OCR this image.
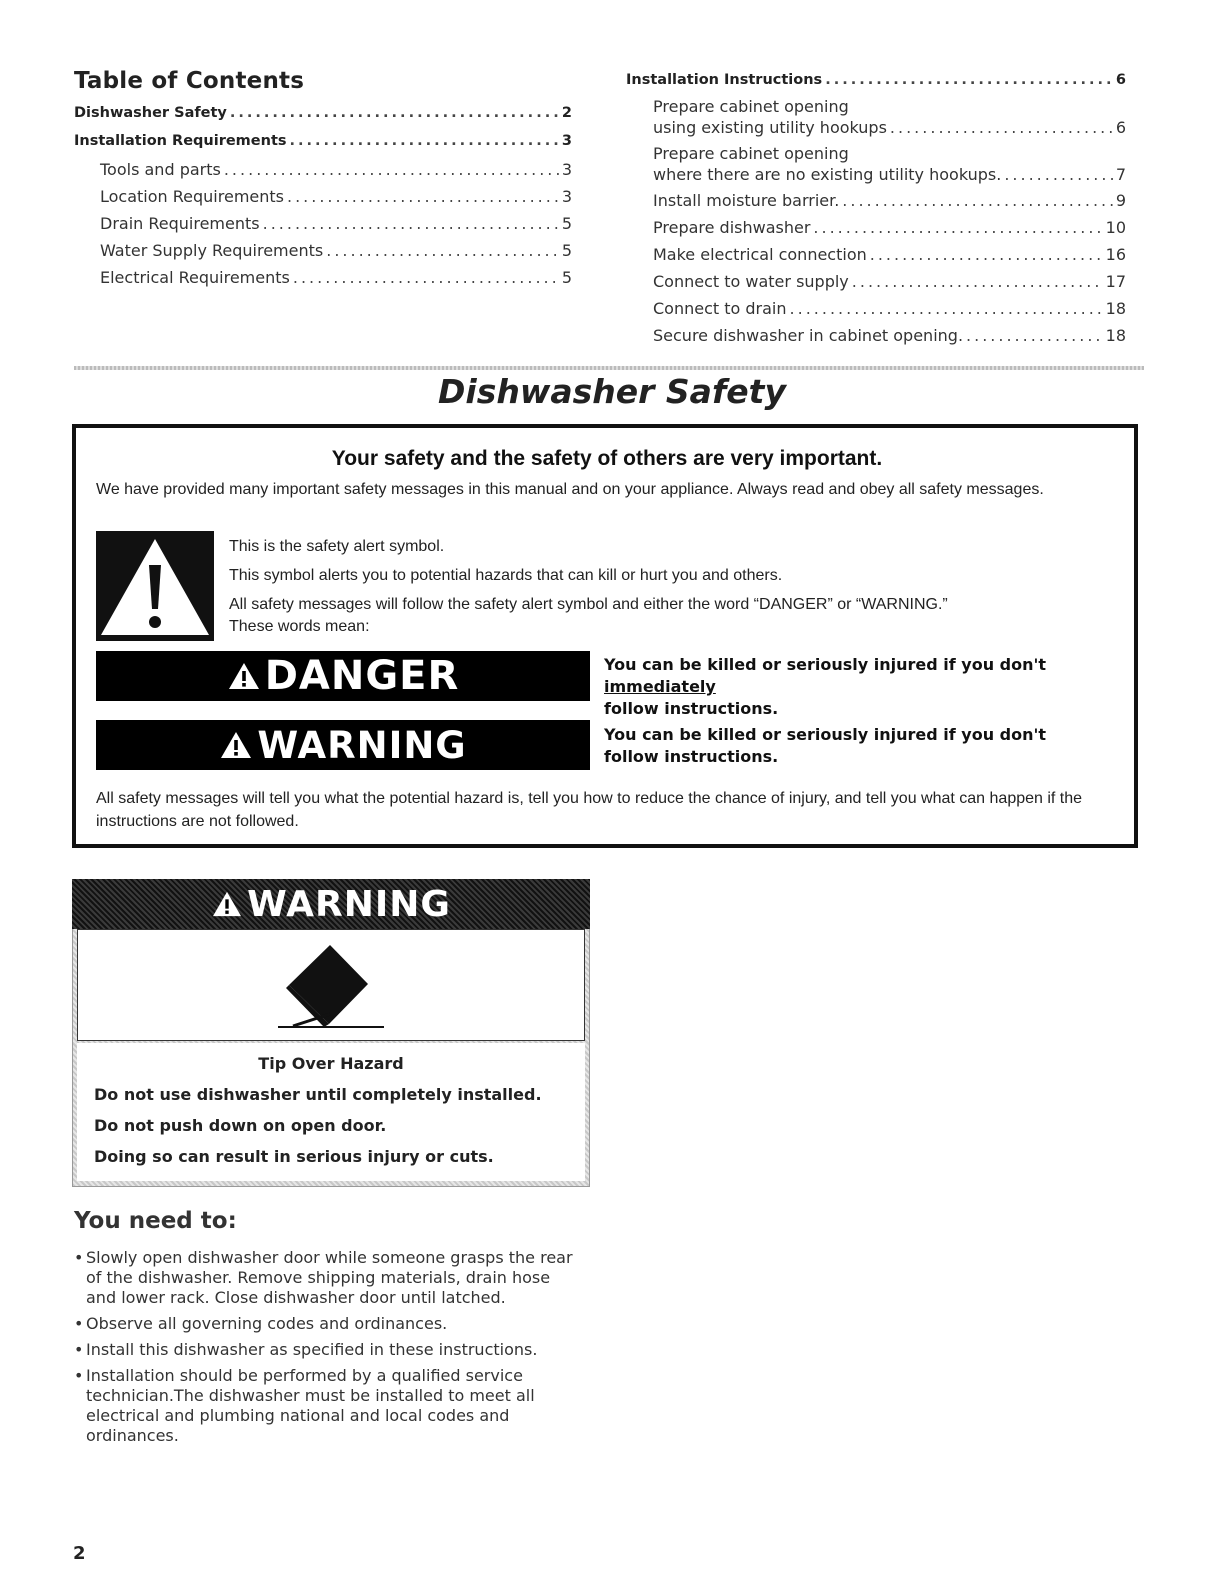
Table of Contents
Dishwasher Safety .....	2
Installation Requirements .....	3
Tools and parts .....	3
Location Requirements .....	3
Drain Requirements .....	5
Water Supply Requirements .....	5
Electrical Requirements .....	5
Installation Instructions .....	6
Prepare cabinet opening
using existing utility hookups .....	6
Prepare cabinet opening
where there are no existing utility hookups. .....	7
Install moisture barrier. .....	9
Prepare dishwasher .....	10
Make electrical connection .....	16
Connect to water supply .....	17
Connect to drain .....	18
Secure dishwasher in cabinet opening. .....	18
Dishwasher Safety
Your safety and the safety of others are very important.
We have provided many important safety messages in this manual and on your appliance. Always read and obey all safety messages.
This is the safety alert symbol.
This symbol alerts you to potential hazards that can kill or hurt you and others.
All safety messages will follow the safety alert symbol and either the word “DANGER” or “WARNING.”
These words mean:
DANGER	You can be killed or seriously injured if you don't immediately
follow instructions.
WARNING	You can be killed or seriously injured if you don't follow instructions.
All safety messages will tell you what the potential hazard is, tell you how to reduce the chance of injury, and tell you what can happen if the instructions are not followed.
WARNING
Tip Over Hazard
Do not use dishwasher until completely installed.
Do not push down on open door.
Doing so can result in serious injury or cuts.
You need to:
• Slowly open dishwasher door while someone grasps the rear of the dishwasher. Remove shipping materials, drain hose and lower rack. Close dishwasher door until latched.
• Observe all governing codes and ordinances.
• Install this dishwasher as specified in these instructions.
• Installation should be performed by a qualified service technician.The dishwasher must be installed to meet all electrical and plumbing national and local codes and ordinances.
2
